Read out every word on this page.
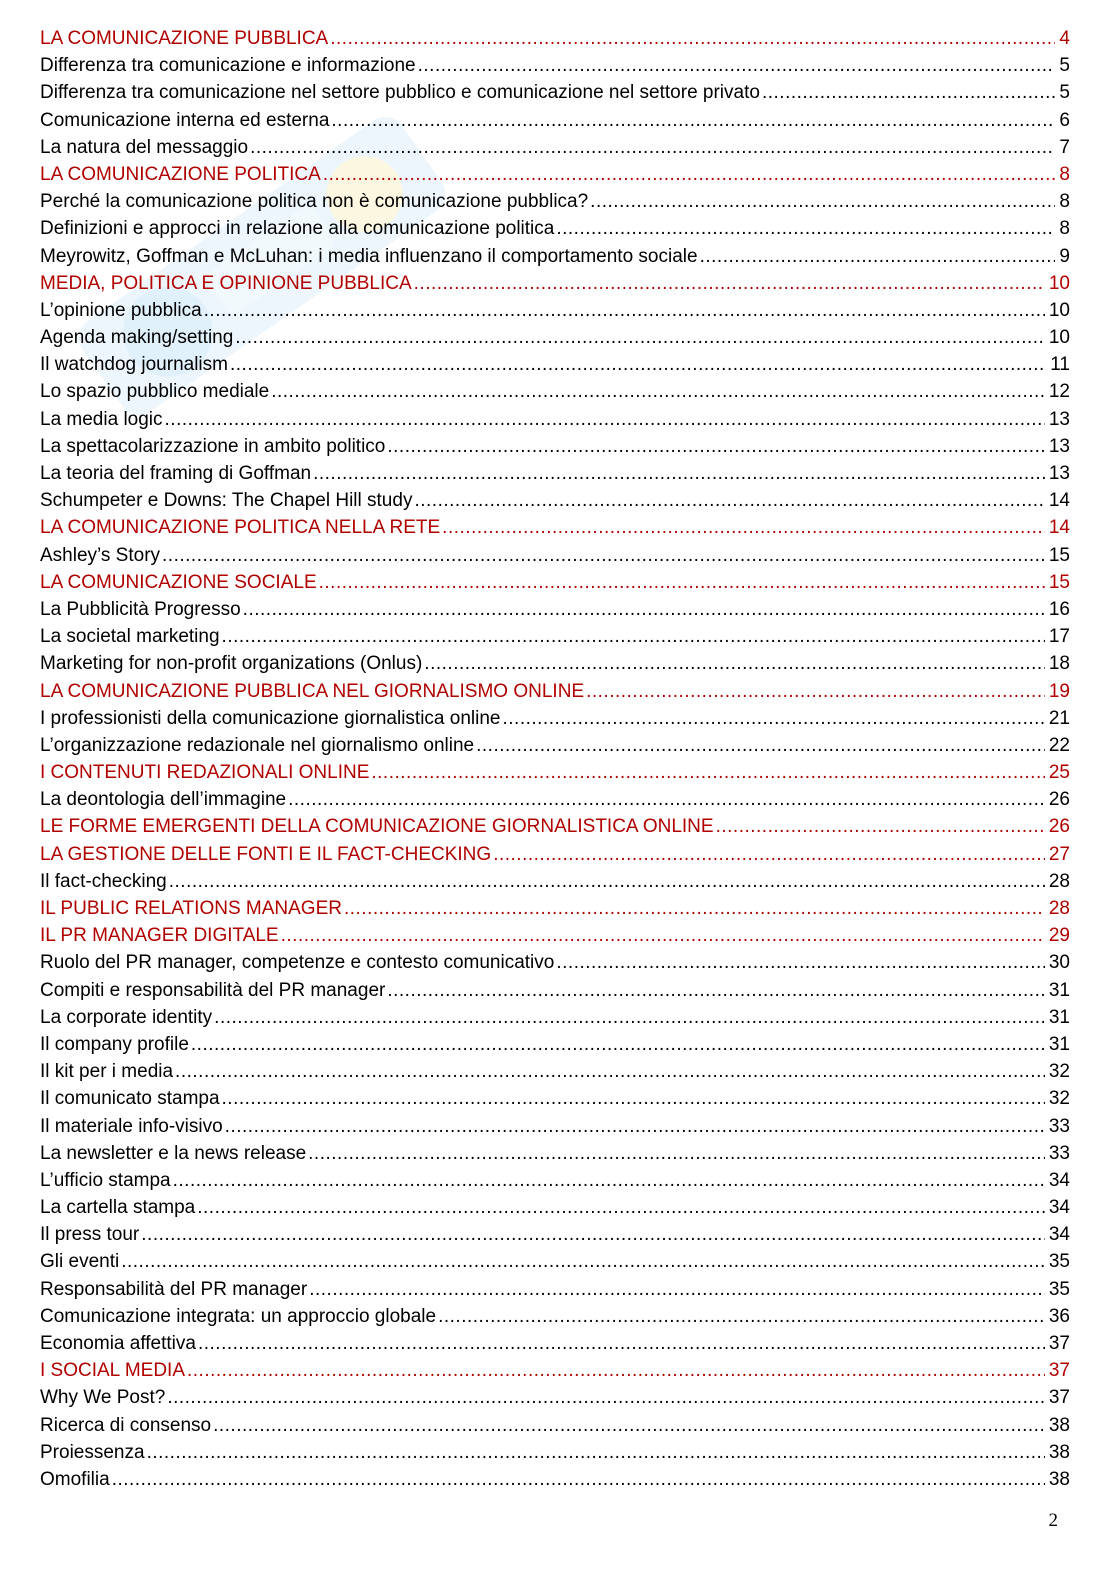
LA COMUNICAZIONE PUBBLICA .....	4
Differenza tra comunicazione e informazione .....	5
Differenza tra comunicazione nel settore pubblico e comunicazione nel settore privato .....	5
Comunicazione interna ed esterna .....	6
La natura del messaggio .....	7
LA COMUNICAZIONE POLITICA .....	8
Perché la comunicazione politica non è comunicazione pubblica? .....	8
Definizioni e approcci in relazione alla comunicazione politica .....	8
Meyrowitz, Goffman e McLuhan: i media influenzano il comportamento sociale .....	9
MEDIA, POLITICA E OPINIONE PUBBLICA .....	10
L’opinione pubblica .....	10
Agenda making/setting .....	10
Il watchdog journalism .....	11
Lo spazio pubblico mediale .....	12
La media logic .....	13
La spettacolarizzazione in ambito politico .....	13
La teoria del framing di Goffman .....	13
Schumpeter e Downs: The Chapel Hill study .....	14
LA COMUNICAZIONE POLITICA NELLA RETE .....	14
Ashley’s Story .....	15
LA COMUNICAZIONE SOCIALE .....	15
La Pubblicità Progresso .....	16
La societal marketing .....	17
Marketing for non-profit organizations (Onlus) .....	18
LA COMUNICAZIONE PUBBLICA NEL GIORNALISMO ONLINE .....	19
I professionisti della comunicazione giornalistica online .....	21
L’organizzazione redazionale nel giornalismo online .....	22
I CONTENUTI REDAZIONALI ONLINE .....	25
La deontologia dell’immagine .....	26
LE FORME EMERGENTI DELLA COMUNICAZIONE GIORNALISTICA ONLINE .....	26
LA GESTIONE DELLE FONTI E IL FACT-CHECKING .....	27
Il fact-checking .....	28
IL PUBLIC RELATIONS MANAGER .....	28
IL PR MANAGER DIGITALE .....	29
Ruolo del PR manager, competenze e contesto comunicativo .....	30
Compiti e responsabilità del PR manager .....	31
La corporate identity .....	31
Il company profile .....	31
Il kit per i media .....	32
Il comunicato stampa .....	32
Il materiale info-visivo .....	33
La newsletter e la news release .....	33
L’ufficio stampa .....	34
La cartella stampa .....	34
Il press tour .....	34
Gli eventi .....	35
Responsabilità del PR manager .....	35
Comunicazione integrata: un approccio globale .....	36
Economia affettiva .....	37
I SOCIAL MEDIA .....	37
Why We Post? .....	37
Ricerca di consenso .....	38
Proiessenza .....	38
Omofilia .....	38
2
